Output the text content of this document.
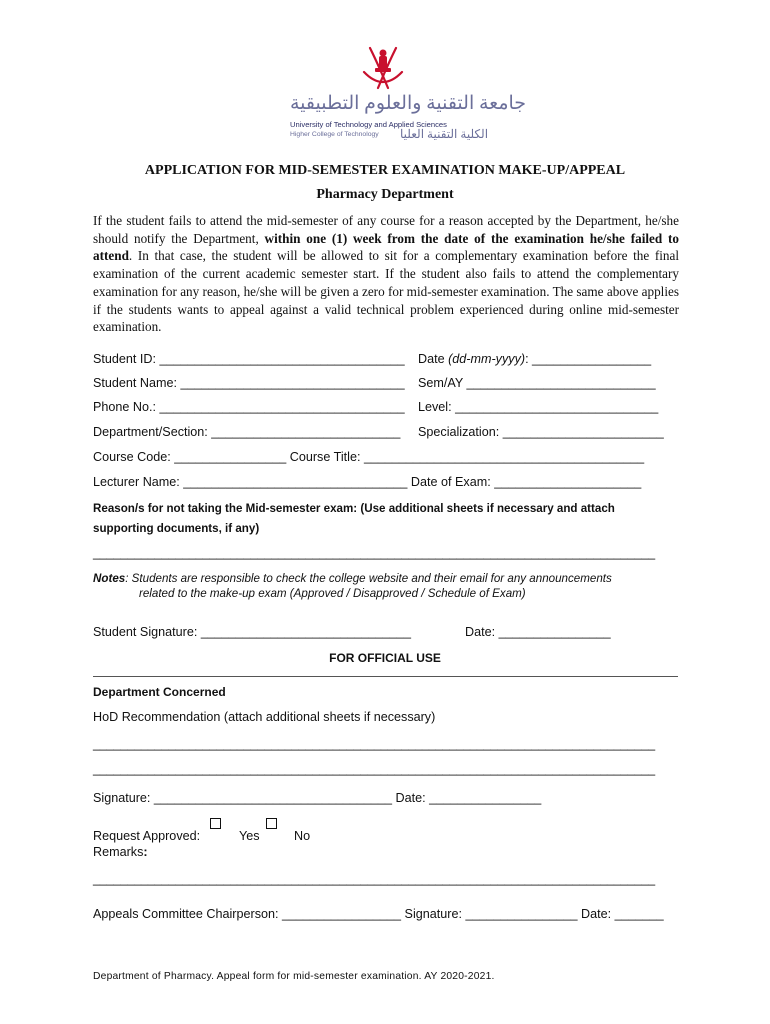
جامعة التقنية والعلوم التطبيقية
University of Technology and Applied Sciences
Higher College of Technology الكلية التقنية العليا
APPLICATION FOR MID-SEMESTER EXAMINATION MAKE-UP/APPEAL
Pharmacy Department
If the student fails to attend the mid-semester of any course for a reason accepted by the Department, he/she should notify the Department, within one (1) week from the date of the examination he/she failed to attend. In that case, the student will be allowed to sit for a complementary examination before the final examination of the current academic semester start. If the student also fails to attend the complementary examination for any reason, he/she will be given a zero for mid-semester examination. The same above applies if the students wants to appeal against a valid technical problem experienced during online mid-semester examination.
Student ID: ___________________________________ Date (dd-mm-yyyy): _________________
Student Name: ________________________________ Sem/AY ___________________________
Phone No.: ___________________________________ Level: _____________________________
Department/Section: ___________________________ Specialization: _______________________
Course Code: ________________ Course Title: ________________________________________
Lecturer Name: ________________________________ Date of Exam: _____________________
Reason/s for not taking the Mid-semester exam: (Use additional sheets if necessary and attach
supporting documents, if any)
__________________________________________________________________________________
Notes: Students are responsible to check the college website and their email for any announcements
related to the make-up exam (Approved / Disapproved / Schedule of Exam)
Student Signature: ______________________________	Date: ________________
FOR OFFICIAL USE
Department Concerned
HoD Recommendation (attach additional sheets if necessary)
__________________________________________________________________________________
__________________________________________________________________________________
Signature: __________________________________ Date: ________________
Request Approved:	Yes	No
Remarks:
__________________________________________________________________________________
Appeals Committee Chairperson: _________________ Signature: ________________ Date: _______
Department of Pharmacy. Appeal form for mid-semester examination. AY 2020-2021.
